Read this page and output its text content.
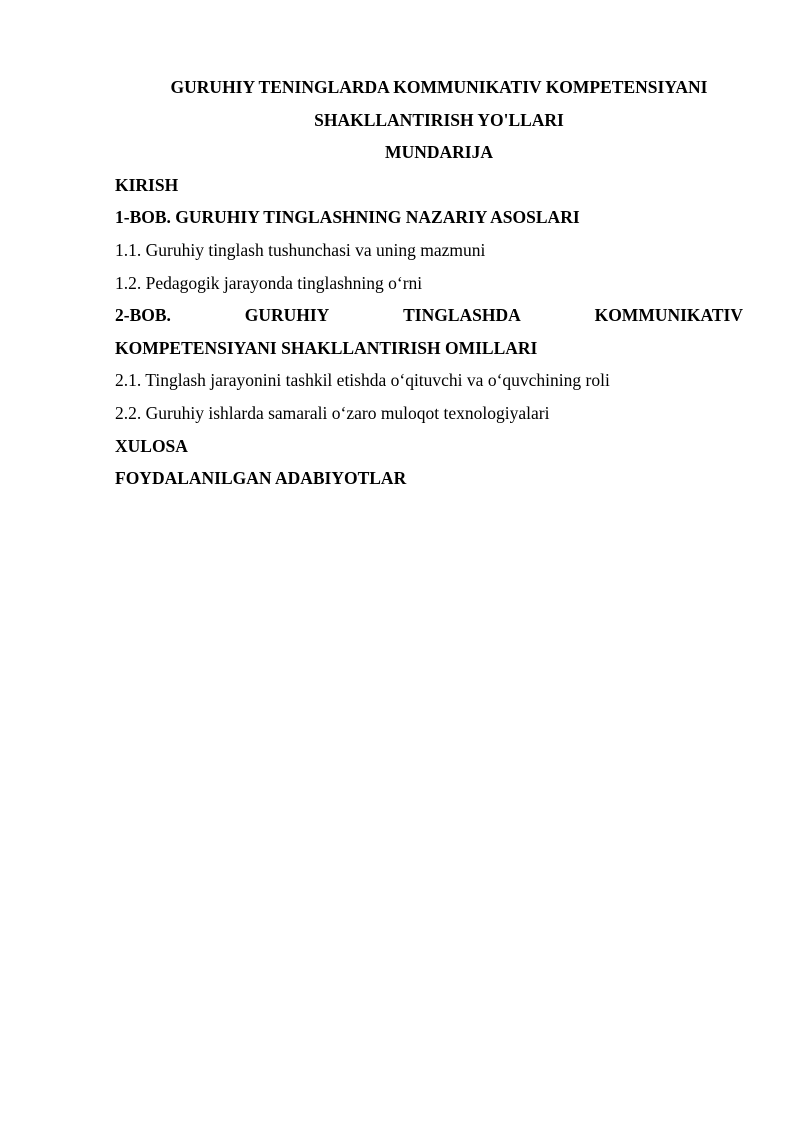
GURUHIY TENINGLARDA KOMMUNIKATIV KOMPETENSIYANI
SHAKLLANTIRISH YO'LLARI
MUNDARIJA
KIRISH
1-BOB. GURUHIY TINGLASHNING NAZARIY ASOSLARI
1.1. Guruhiy tinglash tushunchasi va uning mazmuni
1.2. Pedagogik jarayonda tinglashning o‘rni
2-BOB.	GURUHIY	TINGLASHDA	KOMMUNIKATIV
KOMPETENSIYANI SHAKLLANTIRISH OMILLARI
2.1. Tinglash jarayonini tashkil etishda o‘qituvchi va o‘quvchining roli
2.2. Guruhiy ishlarda samarali o‘zaro muloqot texnologiyalari
XULOSA
FOYDALANILGAN ADABIYOTLAR
